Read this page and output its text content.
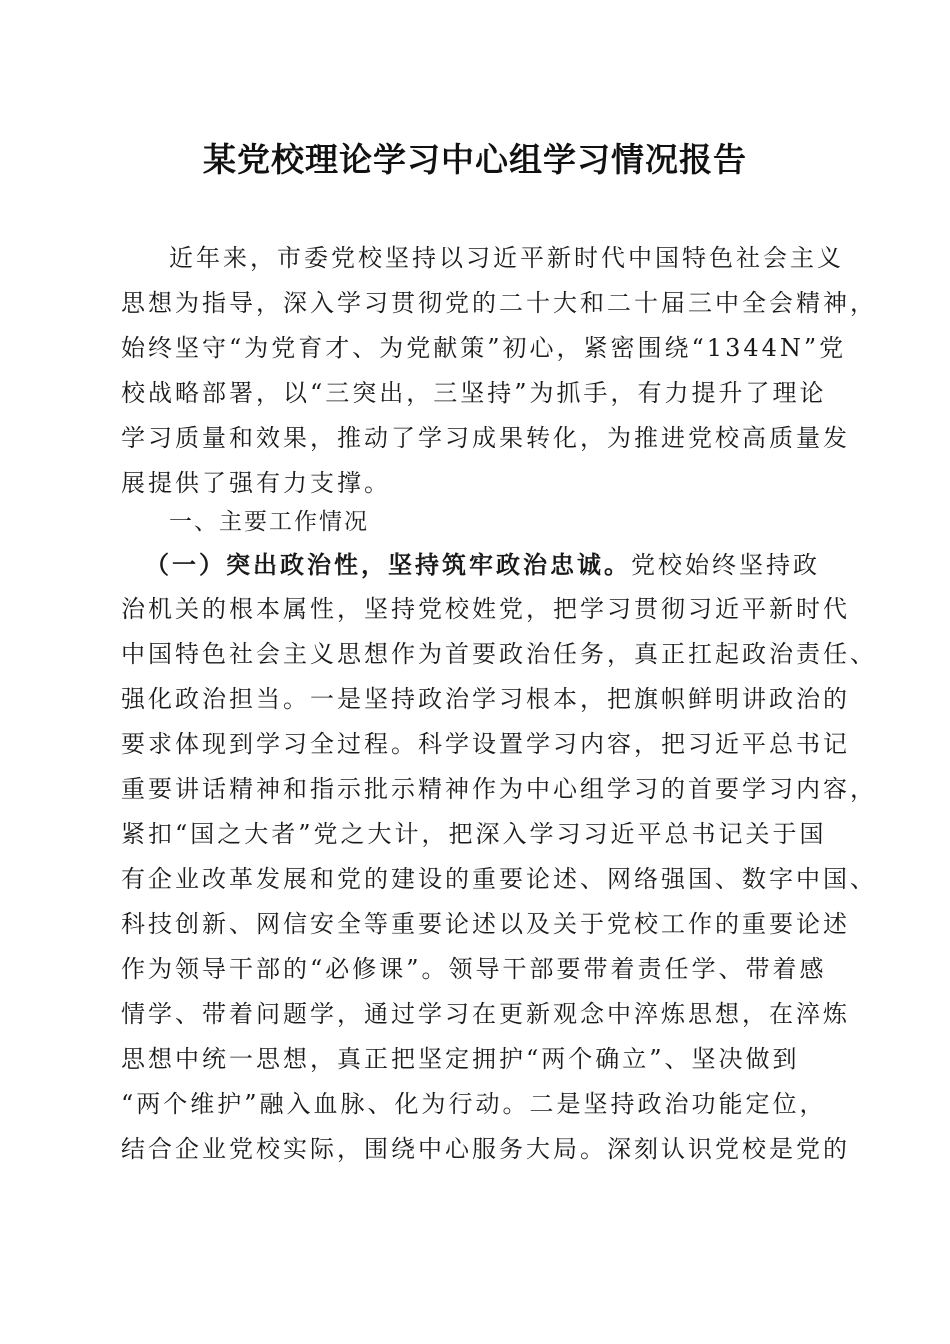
某党校理论学习中心组学习情况报告
近年来，市委党校坚持以习近平新时代中国特色社会主义
思想为指导，深入学习贯彻党的二十大和二十届三中全会精神，
始终坚守“为党育才、为党献策”初心，紧密围绕“1344N”党
校战略部署，以“三突出，三坚持”为抓手，有力提升了理论
学习质量和效果，推动了学习成果转化，为推进党校高质量发
展提供了强有力支撑。
一、主要工作情况
（一）突出政治性，坚持筑牢政治忠诚。党校始终坚持政
治机关的根本属性，坚持党校姓党，把学习贯彻习近平新时代
中国特色社会主义思想作为首要政治任务，真正扛起政治责任、
强化政治担当。一是坚持政治学习根本，把旗帜鲜明讲政治的
要求体现到学习全过程。科学设置学习内容，把习近平总书记
重要讲话精神和指示批示精神作为中心组学习的首要学习内容，
紧扣“国之大者”党之大计，把深入学习习近平总书记关于国
有企业改革发展和党的建设的重要论述、网络强国、数字中国、
科技创新、网信安全等重要论述以及关于党校工作的重要论述
作为领导干部的“必修课”。领导干部要带着责任学、带着感
情学、带着问题学，通过学习在更新观念中淬炼思想，在淬炼
思想中统一思想，真正把坚定拥护“两个确立”、坚决做到
“两个维护”融入血脉、化为行动。二是坚持政治功能定位，
结合企业党校实际，围绕中心服务大局。深刻认识党校是党的
